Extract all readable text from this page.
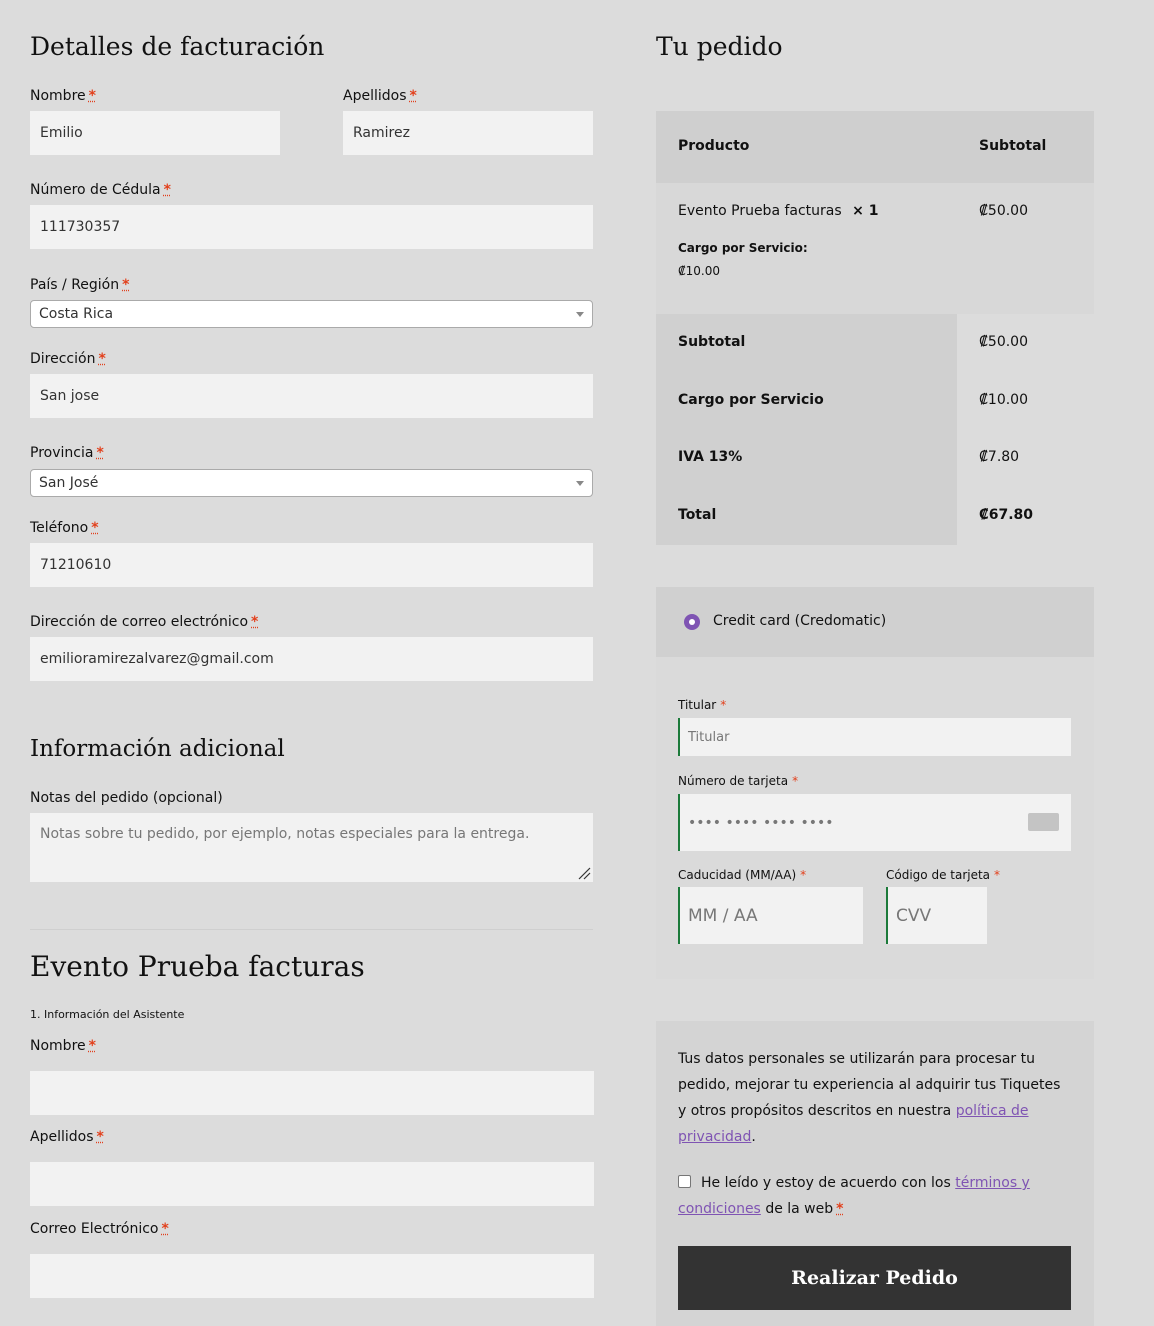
Detalles de facturación
Nombre *
Emilio
Apellidos *
Ramirez
Número de Cédula *
111730357
País / Región *
Costa Rica
Dirección *
San jose
Provincia *
San José
Teléfono *
71210610
Dirección de correo electrónico *
emilioramirezalvarez@gmail.com
Información adicional
Notas del pedido (opcional)
Notas sobre tu pedido, por ejemplo, notas especiales para la entrega.
Evento Prueba facturas
1. Información del Asistente
Nombre *
Apellidos *
Correo Electrónico *
Tu pedido
Producto	Subtotal
Evento Prueba facturas × 1	₡50.00
Cargo por Servicio:
₡10.00
Subtotal	₡50.00
Cargo por Servicio	₡10.00
IVA 13%	₡7.80
Total	₡67.80
Credit card (Credomatic)
Titular *
Titular
Número de tarjeta *
•••• •••• •••• ••••
Caducidad (MM/AA) *
MM / AA
Código de tarjeta *
CVV

Tus datos personales se utilizarán para procesar tu pedido, mejorar tu experiencia al adquirir tus Tiquetes y otros propósitos descritos en nuestra política de privacidad.

He leído y estoy de acuerdo con los términos y condiciones de la web *

Realizar Pedido
